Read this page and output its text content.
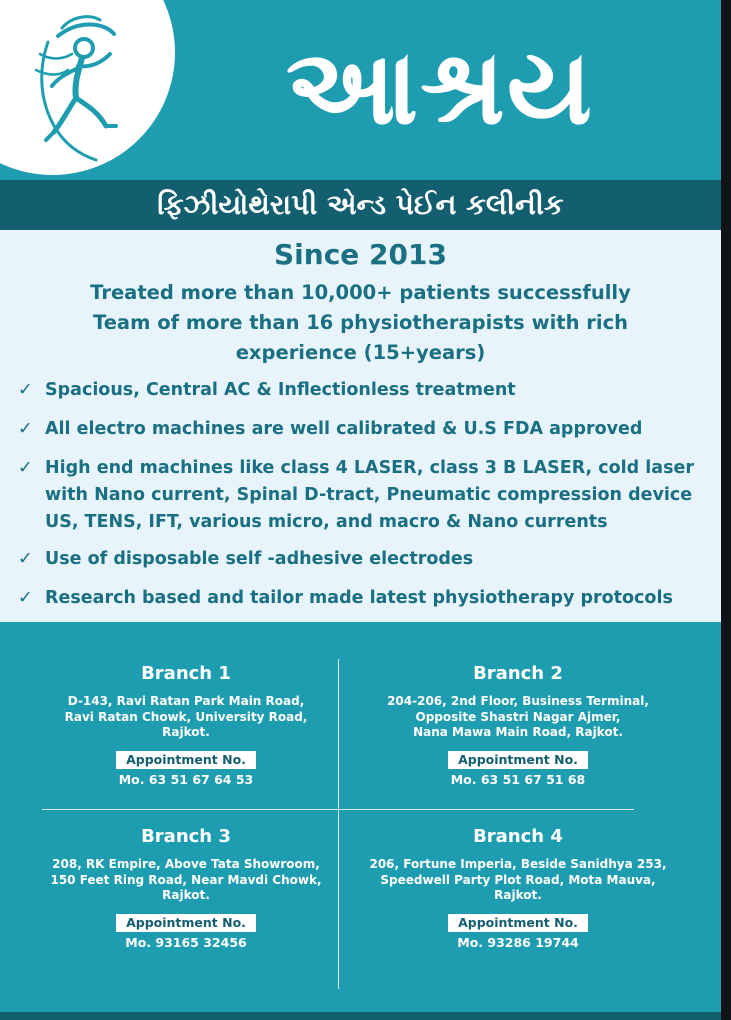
આશ્રય
ફિઝીયોથેરાપી એન્ડ પેઈન કલીનીક
Since 2013
Treated more than 10,000+ patients successfully
Team of more than 16 physiotherapists with rich
experience (15+years)
✓ Spacious, Central AC & Inflectionless treatment
✓ All electro machines are well calibrated & U.S FDA approved
✓ High end machines like class 4 LASER, class 3 B LASER, cold laser with Nano current, Spinal D-tract, Pneumatic compression device US, TENS, IFT, various micro, and macro & Nano currents
✓ Use of disposable self -adhesive electrodes
✓ Research based and tailor made latest physiotherapy protocols
Branch 1
D-143, Ravi Ratan Park Main Road,
Ravi Ratan Chowk, University Road,
Rajkot.
Appointment No.
Mo. 63 51 67 64 53
Branch 2
204-206, 2nd Floor, Business Terminal,
Opposite Shastri Nagar Ajmer,
Nana Mawa Main Road, Rajkot.
Appointment No.
Mo. 63 51 67 51 68
Branch 3
208, RK Empire, Above Tata Showroom,
150 Feet Ring Road, Near Mavdi Chowk,
Rajkot.
Appointment No.
Mo. 93165 32456
Branch 4
206, Fortune Imperia, Beside Sanidhya 253,
Speedwell Party Plot Road, Mota Mauva,
Rajkot.
Appointment No.
Mo. 93286 19744
